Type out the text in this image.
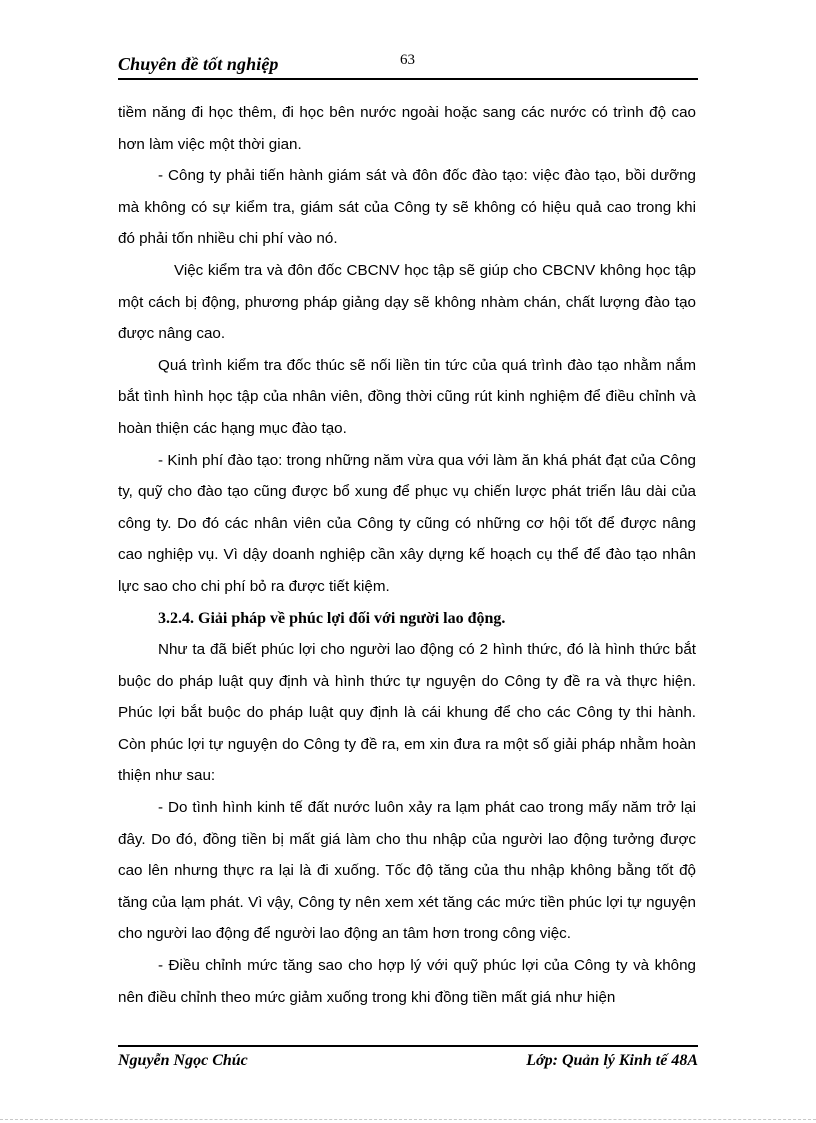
Chuyên đề tốt nghiệp	63

tiềm năng đi học thêm, đi học bên nước ngoài hoặc sang các nước có trình độ cao hơn làm việc một thời gian.

- Công ty phải tiến hành giám sát và đôn đốc đào tạo: việc đào tạo, bồi dưỡng mà không có sự kiểm tra, giám sát của Công ty sẽ không có hiệu quả cao trong khi đó phải tốn nhiều chi phí vào nó.

Việc kiểm tra và đôn đốc CBCNV học tập sẽ giúp cho CBCNV không học tập một cách bị động, phương pháp giảng dạy sẽ không nhàm chán, chất lượng đào tạo được nâng cao.

Quá trình kiểm tra đốc thúc sẽ nối liền tin tức của quá trình đào tạo nhằm nắm bắt tình hình học tập của nhân viên, đồng thời cũng rút kinh nghiệm để điều chỉnh và hoàn thiện các hạng mục đào tạo.

- Kinh phí đào tạo: trong những năm vừa qua với làm ăn khá phát đạt của Công ty, quỹ cho đào tạo cũng được bổ xung để phục vụ chiến lược phát triển lâu dài của công ty. Do đó các nhân viên của Công ty cũng có những cơ hội tốt để được nâng cao nghiệp vụ. Vì dậy doanh nghiệp cần xây dựng kế hoạch cụ thể để đào tạo nhân lực sao cho chi phí bỏ ra được tiết kiệm.

3.2.4. Giải pháp về phúc lợi đối với người lao động.

Như ta đã biết phúc lợi cho người lao động có 2 hình thức, đó là hình thức bắt buộc do pháp luật quy định và hình thức tự nguyện do Công ty đề ra và thực hiện. Phúc lợi bắt buộc do pháp luật quy định là cái khung để cho các Công ty thi hành. Còn phúc lợi tự nguyện do Công ty đề ra, em xin đưa ra một số giải pháp nhằm hoàn thiện như sau:

- Do tình hình kinh tế đất nước luôn xảy ra lạm phát cao trong mấy năm trở lại đây. Do đó, đồng tiền bị mất giá làm cho thu nhập của người lao động tưởng được cao lên nhưng thực ra lại là đi xuống. Tốc độ tăng của thu nhập không bằng tốt độ tăng của lạm phát. Vì vậy, Công ty nên xem xét tăng các mức tiền phúc lợi tự nguyện cho người lao động để người lao động an tâm hơn trong công việc.

- Điều chỉnh mức tăng sao cho hợp lý với quỹ phúc lợi của Công ty và không nên điều chỉnh theo mức giảm xuống trong khi đồng tiền mất giá như hiện

Nguyễn Ngọc Chúc	Lớp: Quản lý Kinh tế 48A
